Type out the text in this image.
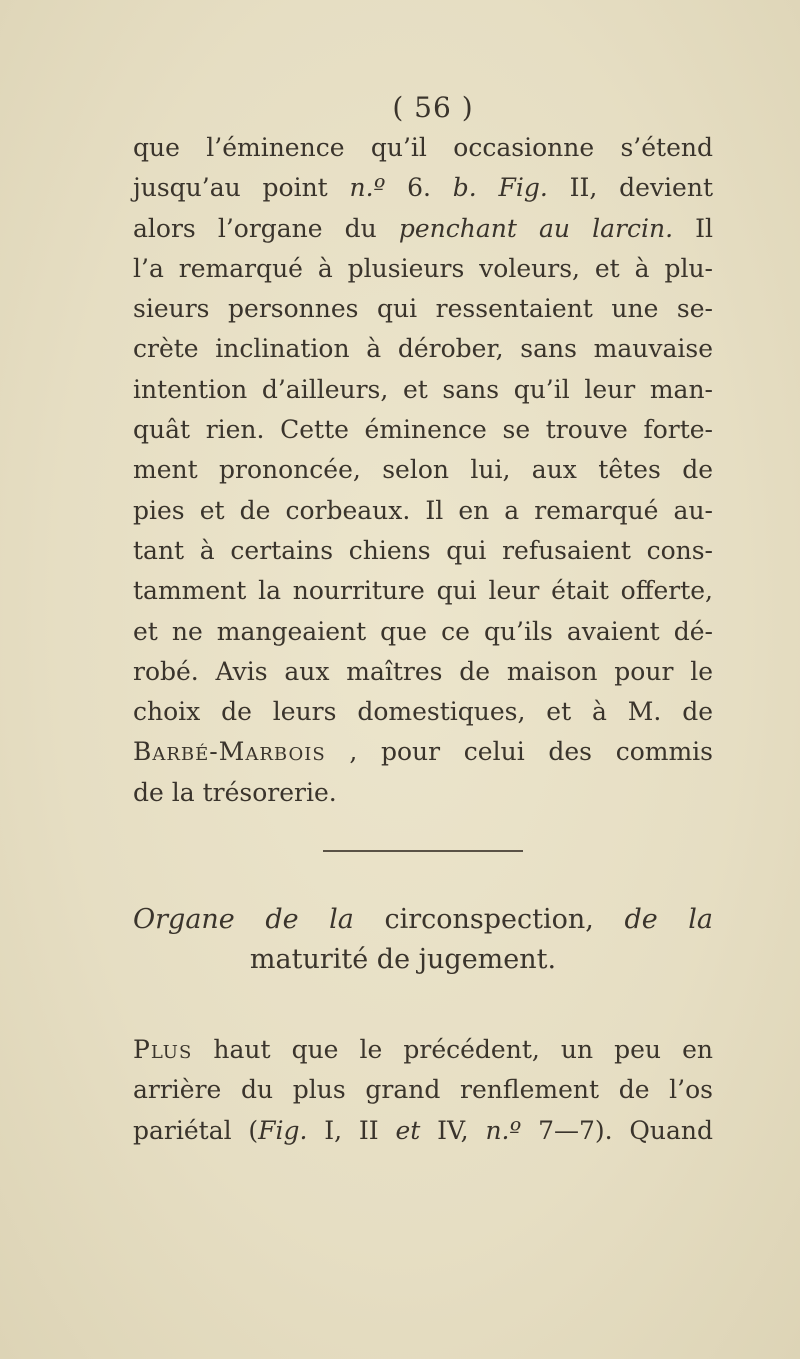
( 56 )
que l’éminence qu’il occasionne s’étend
jusqu’au point n.º 6. b. Fig. II, devient
alors l’organe du penchant au larcin. Il
l’a remarqué à plusieurs voleurs, et à plu-
sieurs personnes qui ressentaient une se-
crète inclination à dérober, sans mauvaise
intention d’ailleurs, et sans qu’il leur man-
quât rien. Cette éminence se trouve forte-
ment prononcée, selon lui, aux têtes de
pies et de corbeaux. Il en a remarqué au-
tant à certains chiens qui refusaient cons-
tamment la nourriture qui leur était offerte,
et ne mangeaient que ce qu’ils avaient dé-
robé. Avis aux maîtres de maison pour le
choix de leurs domestiques, et à M. de
Barbé-Marbois , pour celui des commis
de la trésorerie.
Organe de la circonspection, de la
maturité de jugement.
Plus haut que le précédent, un peu en
arrière du plus grand renflement de l’os
pariétal (Fig. I, II et IV, n.º 7—7). Quand
